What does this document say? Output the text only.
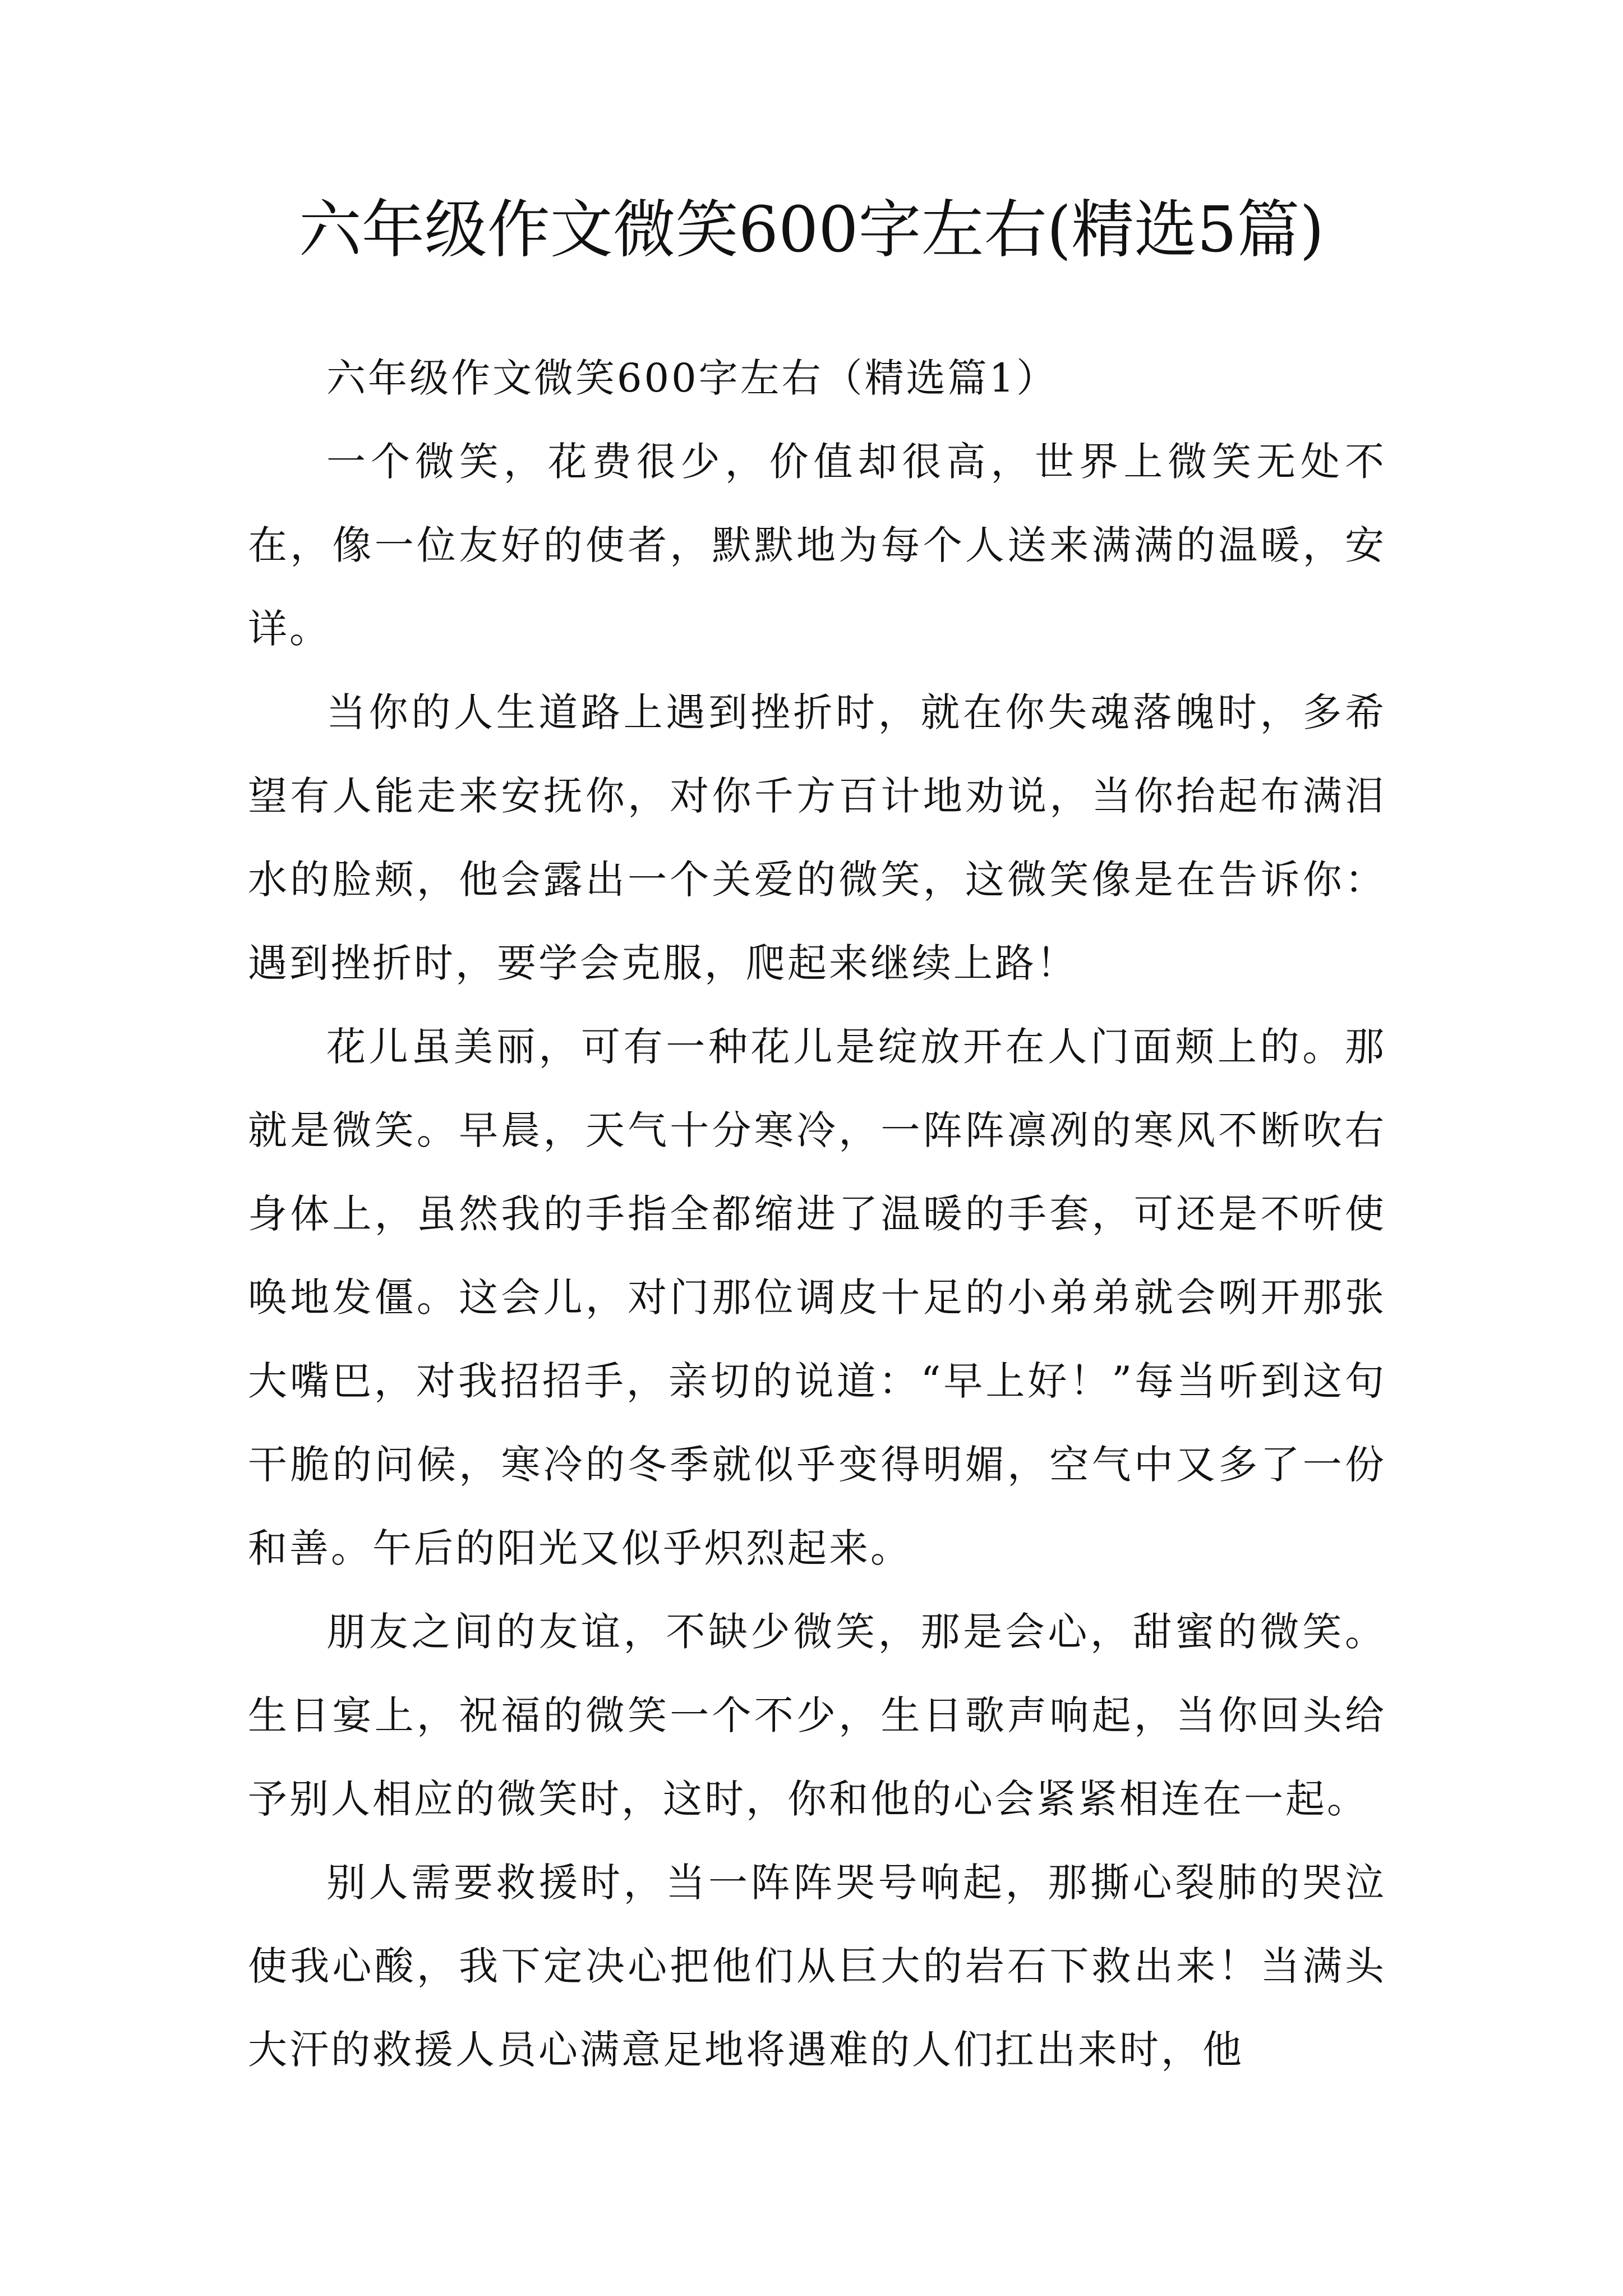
六年级作文微笑600字左右(精选5篇)

六年级作文微笑600字左右（精选篇1）

一个微笑，花费很少，价值却很高，世界上微笑无处不在，像一位友好的使者，默默地为每个人送来满满的温暖，安详。

当你的人生道路上遇到挫折时，就在你失魂落魄时，多希望有人能走来安抚你，对你千方百计地劝说，当你抬起布满泪水的脸颊，他会露出一个关爱的微笑，这微笑像是在告诉你：遇到挫折时，要学会克服，爬起来继续上路！

花儿虽美丽，可有一种花儿是绽放开在人门面颊上的。那就是微笑。早晨，天气十分寒冷，一阵阵凛冽的寒风不断吹右身体上，虽然我的手指全都缩进了温暖的手套，可还是不听使唤地发僵。这会儿，对门那位调皮十足的小弟弟就会咧开那张大嘴巴，对我招招手，亲切的说道：“早上好！”每当听到这句干脆的问候，寒冷的冬季就似乎变得明媚，空气中又多了一份和善。午后的阳光又似乎炽烈起来。

朋友之间的友谊，不缺少微笑，那是会心，甜蜜的微笑。生日宴上，祝福的微笑一个不少，生日歌声响起，当你回头给予别人相应的微笑时，这时，你和他的心会紧紧相连在一起。

别人需要救援时，当一阵阵哭号响起，那撕心裂肺的哭泣使我心酸，我下定决心把他们从巨大的岩石下救出来！当满头大汗的救援人员心满意足地将遇难的人们扛出来时，他
